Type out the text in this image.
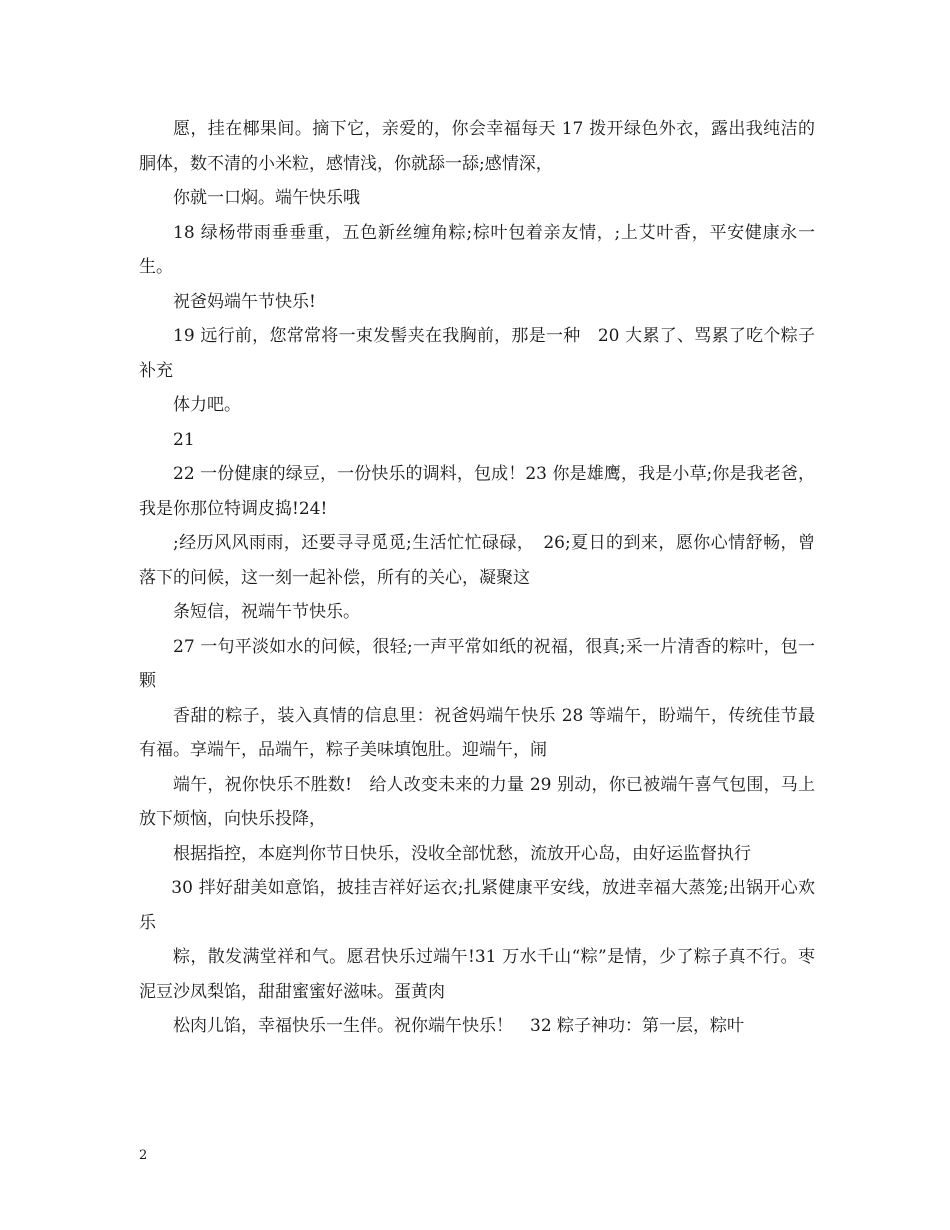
愿，挂在椰果间。摘下它，亲爱的，你会幸福每天 17 拨开绿色外衣，露出我纯洁的胴体，数不清的小米粒，感情浅，你就舔一舔;感情深，

你就一口焖。端午快乐哦

18 绿杨带雨垂垂重，五色新丝缠角粽;棕叶包着亲友情，;上艾叶香，平安健康永一生。

祝爸妈端午节快乐!

19 远行前，您常常将一束发髻夹在我胸前，那是一种　20 大累了、骂累了吃个粽子补充

体力吧。

21

22 一份健康的绿豆，一份快乐的调料，包成！23 你是雄鹰，我是小草;你是我老爸，我是你那位特调皮捣!24!

;经历风风雨雨，还要寻寻觅觅;生活忙忙碌碌，　26;夏日的到来，愿你心情舒畅，曾落下的问候，这一刻一起补偿，所有的关心，凝聚这

条短信，祝端午节快乐。

27 一句平淡如水的问候，很轻;一声平常如纸的祝福，很真;采一片清香的粽叶，包一颗

香甜的粽子，装入真情的信息里：祝爸妈端午快乐 28 等端午，盼端午，传统佳节最有福。享端午，品端午，粽子美味填饱肚。迎端午，闹

端午，祝你快乐不胜数!　给人改变未来的力量 29 别动，你已被端午喜气包围，马上放下烦恼，向快乐投降，

根据指控，本庭判你节日快乐，没收全部忧愁，流放开心岛，由好运监督执行

30 拌好甜美如意馅，披挂吉祥好运衣;扎紧健康平安线，放进幸福大蒸笼;出锅开心欢乐

粽，散发满堂祥和气。愿君快乐过端午!31 万水千山“粽”是情，少了粽子真不行。枣泥豆沙凤梨馅，甜甜蜜蜜好滋味。蛋黄肉

松肉儿馅，幸福快乐一生伴。祝你端午快乐！　32 粽子神功：第一层，粽叶

2
